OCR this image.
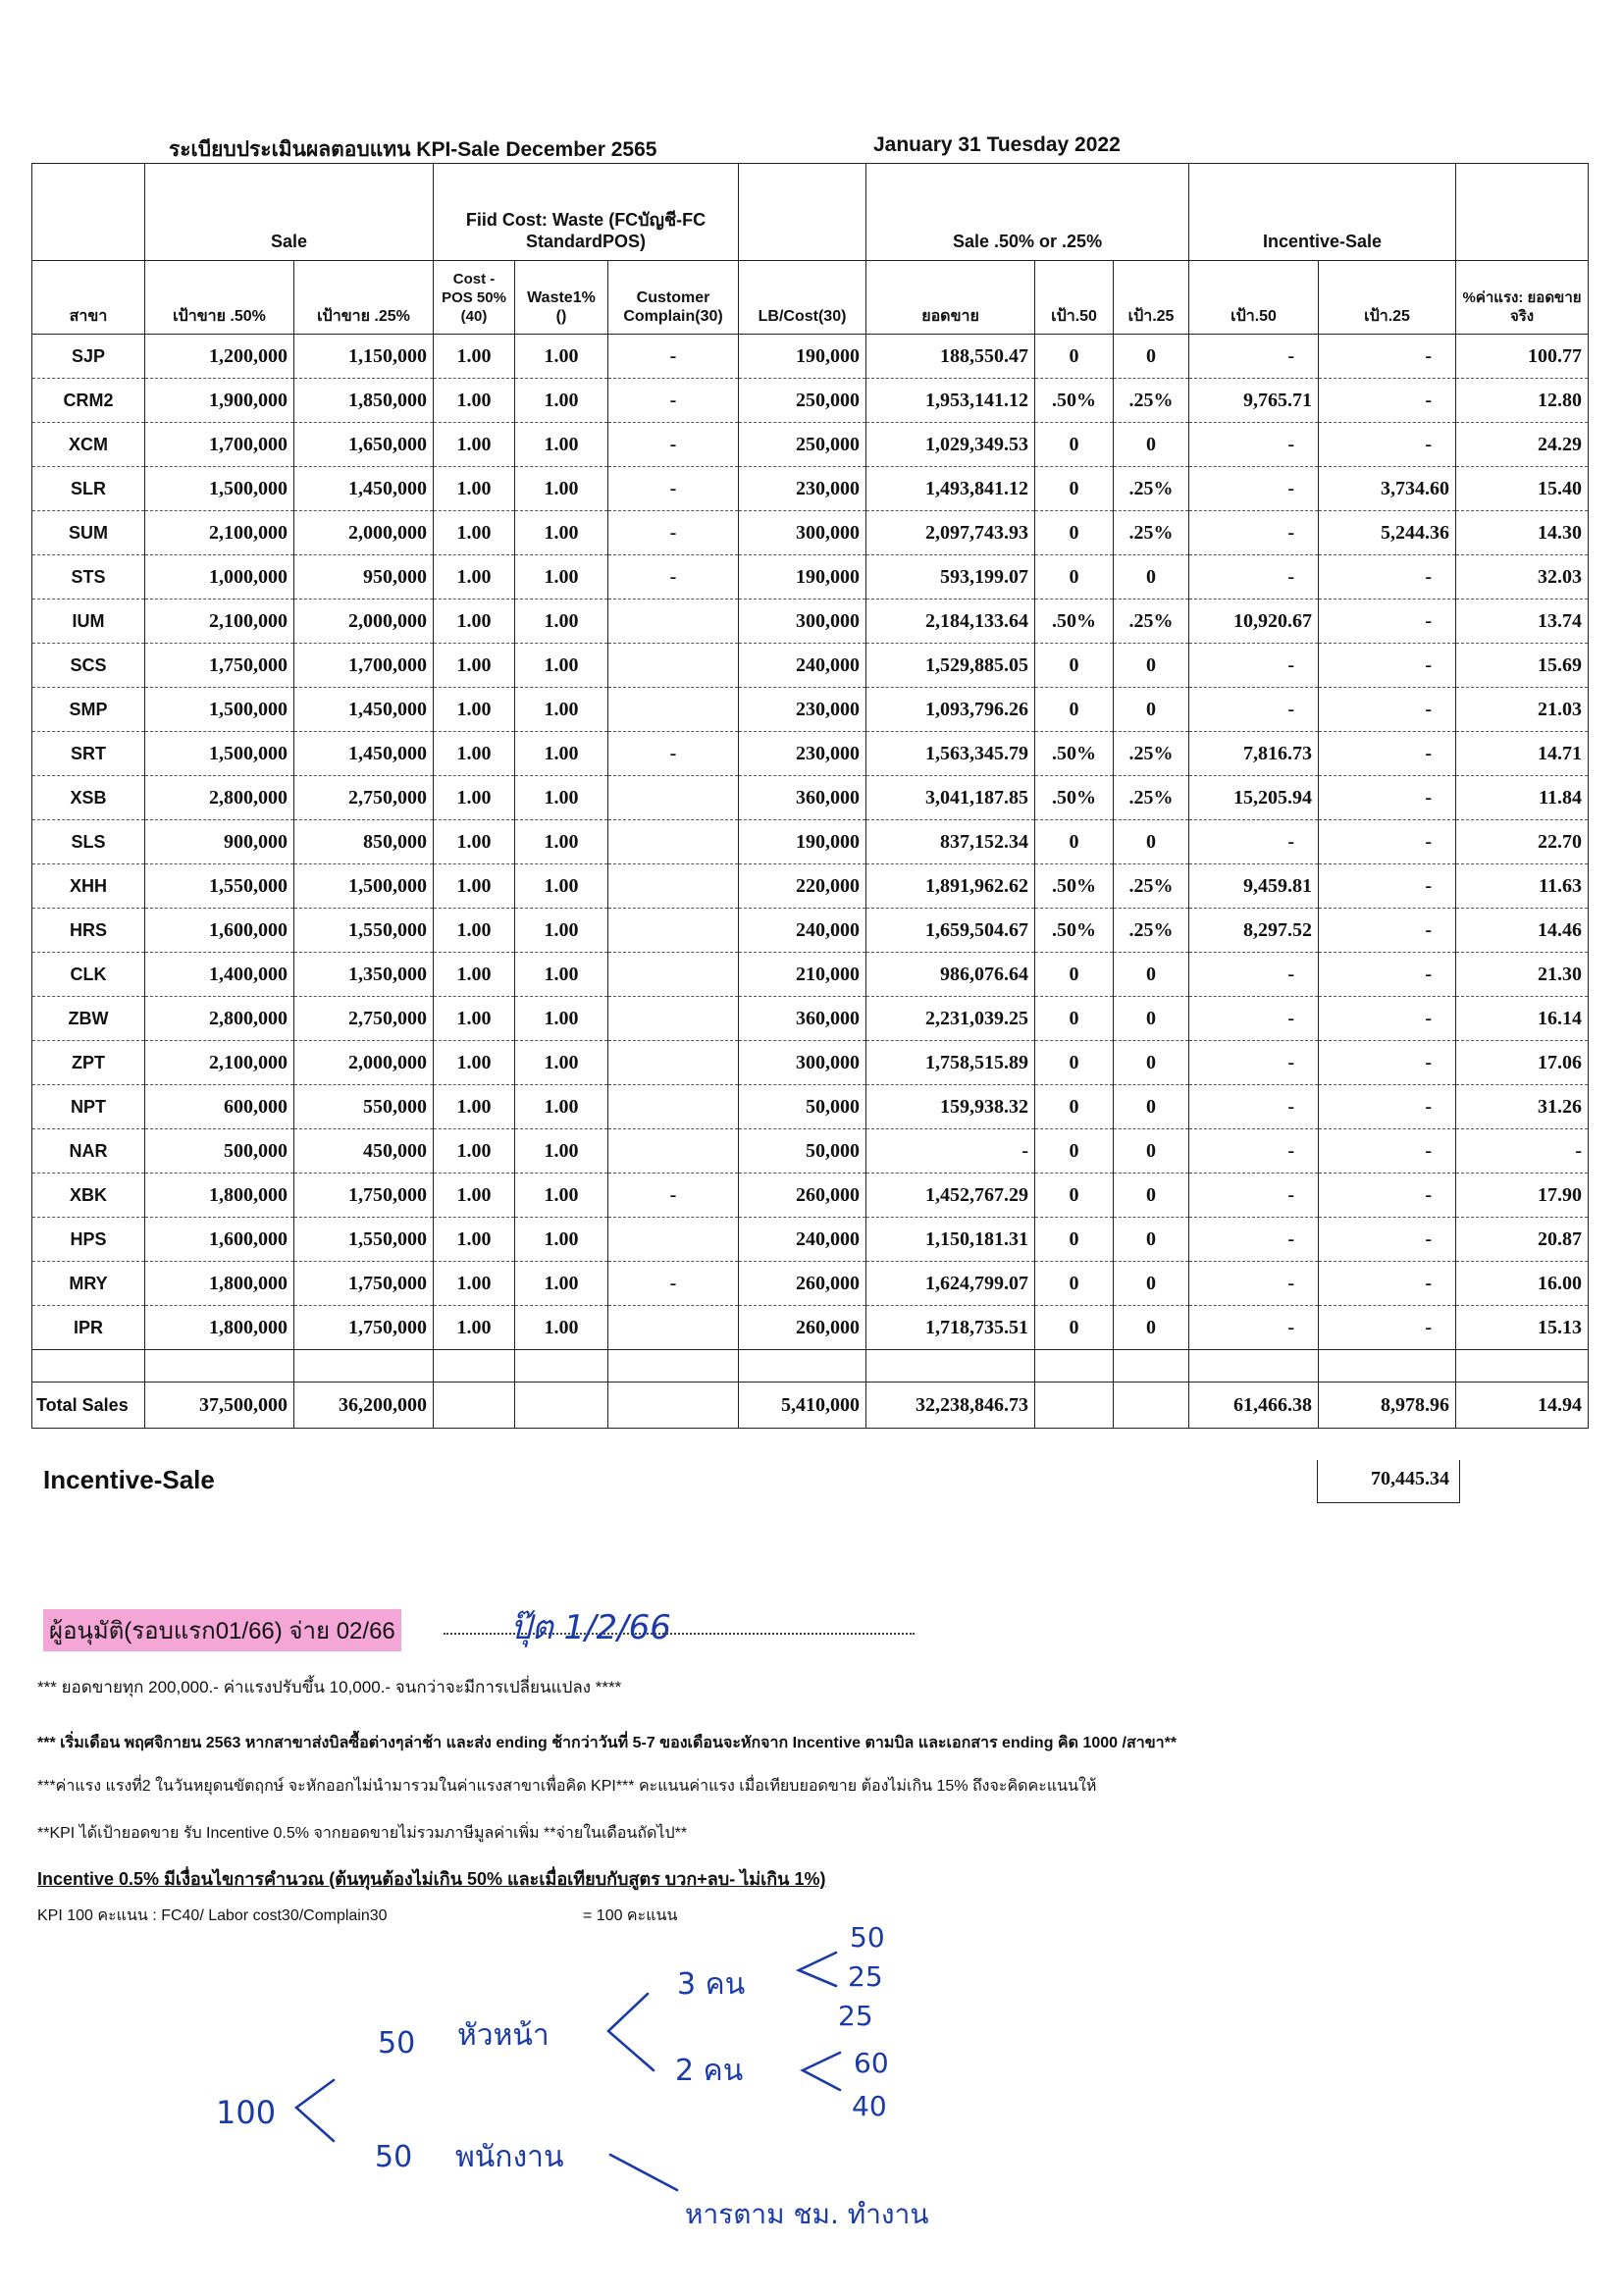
ระเบียบประเมินผลตอบแทน KPI-Sale December 2565	January 31 Tuesday 2022
	Sale		Fiid Cost: Waste (FCบัญชี-FC StandardPOS)				Sale .50% or .25%			Incentive-Sale		
สาขา	เป้าขาย .50%	เป้าขาย .25%	Cost - POS 50%(40)	Waste1% ()	Customer Complain(30)	LB/Cost(30)	ยอดขาย	เป้า.50	เป้า.25	เป้า.50	เป้า.25	%ค่าแรง: ยอดขายจริง
SJP	1,200,000	1,150,000	1.00	1.00	-	190,000	188,550.47	0	0	-	-	100.77
CRM2	1,900,000	1,850,000	1.00	1.00	-	250,000	1,953,141.12	.50%	.25%	9,765.71	-	12.80
XCM	1,700,000	1,650,000	1.00	1.00	-	250,000	1,029,349.53	0	0	-	-	24.29
SLR	1,500,000	1,450,000	1.00	1.00	-	230,000	1,493,841.12	0	.25%	-	3,734.60	15.40
SUM	2,100,000	2,000,000	1.00	1.00	-	300,000	2,097,743.93	0	.25%	-	5,244.36	14.30
STS	1,000,000	950,000	1.00	1.00	-	190,000	593,199.07	0	0	-	-	32.03
IUM	2,100,000	2,000,000	1.00	1.00		300,000	2,184,133.64	.50%	.25%	10,920.67	-	13.74
SCS	1,750,000	1,700,000	1.00	1.00		240,000	1,529,885.05	0	0	-	-	15.69
SMP	1,500,000	1,450,000	1.00	1.00		230,000	1,093,796.26	0	0	-	-	21.03
SRT	1,500,000	1,450,000	1.00	1.00	-	230,000	1,563,345.79	.50%	.25%	7,816.73	-	14.71
XSB	2,800,000	2,750,000	1.00	1.00		360,000	3,041,187.85	.50%	.25%	15,205.94	-	11.84
SLS	900,000	850,000	1.00	1.00		190,000	837,152.34	0	0	-	-	22.70
XHH	1,550,000	1,500,000	1.00	1.00		220,000	1,891,962.62	.50%	.25%	9,459.81	-	11.63
HRS	1,600,000	1,550,000	1.00	1.00		240,000	1,659,504.67	.50%	.25%	8,297.52	-	14.46
CLK	1,400,000	1,350,000	1.00	1.00		210,000	986,076.64	0	0	-	-	21.30
ZBW	2,800,000	2,750,000	1.00	1.00		360,000	2,231,039.25	0	0	-	-	16.14
ZPT	2,100,000	2,000,000	1.00	1.00		300,000	1,758,515.89	0	0	-	-	17.06
NPT	600,000	550,000	1.00	1.00		50,000	159,938.32	0	0	-	-	31.26
NAR	500,000	450,000	1.00	1.00		50,000	-	0	0	-	-	-
XBK	1,800,000	1,750,000	1.00	1.00	-	260,000	1,452,767.29	0	0	-	-	17.90
HPS	1,600,000	1,550,000	1.00	1.00		240,000	1,150,181.31	0	0	-	-	20.87
MRY	1,800,000	1,750,000	1.00	1.00	-	260,000	1,624,799.07	0	0	-	-	16.00
IPR	1,800,000	1,750,000	1.00	1.00		260,000	1,718,735.51	0	0	-	-	15.13

Total Sales	37,500,000	36,200,000				5,410,000	32,238,846.73			61,466.38	8,978.96	14.94
Incentive-Sale	70,445.34
ผู้อนุมัติ(รอบแรก01/66) จ่าย 02/66
*** ยอดขายทุก 200,000.- ค่าแรงปรับขึ้น 10,000.- จนกว่าจะมีการเปลี่ยนแปลง ****
*** เริ่มเดือน พฤศจิกายน 2563 หากสาขาส่งบิลซื้อต่างๆล่าช้า และส่ง ending ช้ากว่าวันที่ 5-7 ของเดือนจะหักจาก Incentive ตามบิล และเอกสาร ending คิด 1000 /สาขา**
***ค่าแรง แรงที่2 ในวันหยุดนขัตฤกษ์ จะหักออกไม่นำมารวมในค่าแรงสาขาเพื่อคิด KPI*** คะแนนค่าแรง เมื่อเทียบยอดขาย ต้องไม่เกิน 15% ถึงจะคิดคะแนนให้
**KPI ได้เป้ายอดขาย รับ Incentive 0.5% จากยอดขายไม่รวมภาษีมูลค่าเพิ่ม **จ่ายในเดือนถัดไป**
Incentive 0.5% มีเงื่อนไขการคำนวณ (ต้นทุนต้องไม่เกิน 50% และเมื่อเทียบกับสูตร บวก+ลบ- ไม่เกิน 1%)
KPI 100 คะแนน : FC40/ Labor cost30/Complain30	= 100 คะแนน
ปุ๊ต 1/2/66
100
50
50
หัวหน้า
พนักงาน
3 คน
2 คน
50
25
25
60
40
หารตาม ชม. ทำงาน
